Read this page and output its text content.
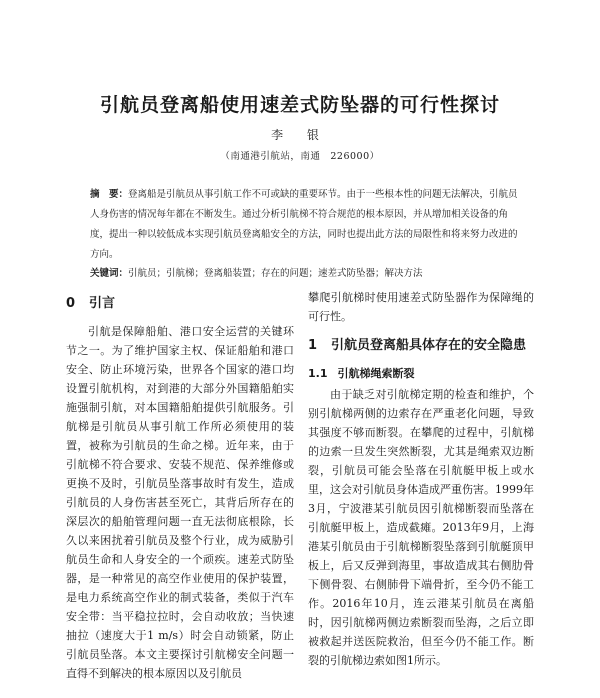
引航员登离船使用速差式防坠器的可行性探讨
李 银
（南通港引航站，南通　226000）
摘　要：登离船是引航员从事引航工作不可或缺的重要环节。由于一些根本性的问题无法解决，引航员人身伤害的情况每年都在不断发生。通过分析引航梯不符合规范的根本原因，并从增加相关设备的角度，提出一种以较低成本实现引航员登离船安全的方法，同时也提出此方法的局限性和将来努力改进的方向。
关键词：引航员；引航梯；登离船装置；存在的问题；速差式防坠器；解决方法
0 引言

引航是保障船舶、港口安全运营的关键环节之一。为了维护国家主权、保证船舶和港口安全、防止环境污染，世界各个国家的港口均设置引航机构，对到港的大部分外国籍船舶实施强制引航，对本国籍船舶提供引航服务。引航梯是引航员从事引航工作所必须使用的装置，被称为引航员的生命之梯。近年来，由于引航梯不符合要求、安装不规范、保养维修或更换不及时，引航员坠落事故时有发生，造成引航员的人身伤害甚至死亡，其背后所存在的深层次的船舶管理问题一直无法彻底根除，长久以来困扰着引航员及整个行业，成为威胁引航员生命和人身安全的一个顽疾。速差式防坠器，是一种常见的高空作业使用的保护装置，是电力系统高空作业的制式装备，类似于汽车安全带：当平稳拉拉时，会自动收放；当快速抽拉（速度大于1 m/s）时会自动锁紧，防止引航员坠落。本文主要探讨引航梯安全问题一直得不到解决的根本原因以及引航员

攀爬引航梯时使用速差式防坠器作为保障绳的可行性。

1 引航员登离船具体存在的安全隐患
1.1 引航梯绳索断裂

由于缺乏对引航梯定期的检查和维护，个别引航梯两侧的边索存在严重老化问题，导致其强度不够而断裂。在攀爬的过程中，引航梯的边索一旦发生突然断裂，尤其是绳索双边断裂，引航员可能会坠落在引航艇甲板上或水里，这会对引航员身体造成严重伤害。1999年3月，宁波港某引航员因引航梯断裂而坠落在引航艇甲板上，造成截瘫。2013年9月，上海港某引航员由于引航梯断裂坠落到引航艇顶甲板上，后又反弹到海里，事故造成其右侧肋骨下侧骨裂、右侧肺骨下端骨折，至今仍不能工作。2016年10月，连云港某引航员在离船时，因引航梯两侧边索断裂而坠海，之后立即被救起并送医院救治，但至今仍不能工作。断裂的引航梯边索如图1所示。
